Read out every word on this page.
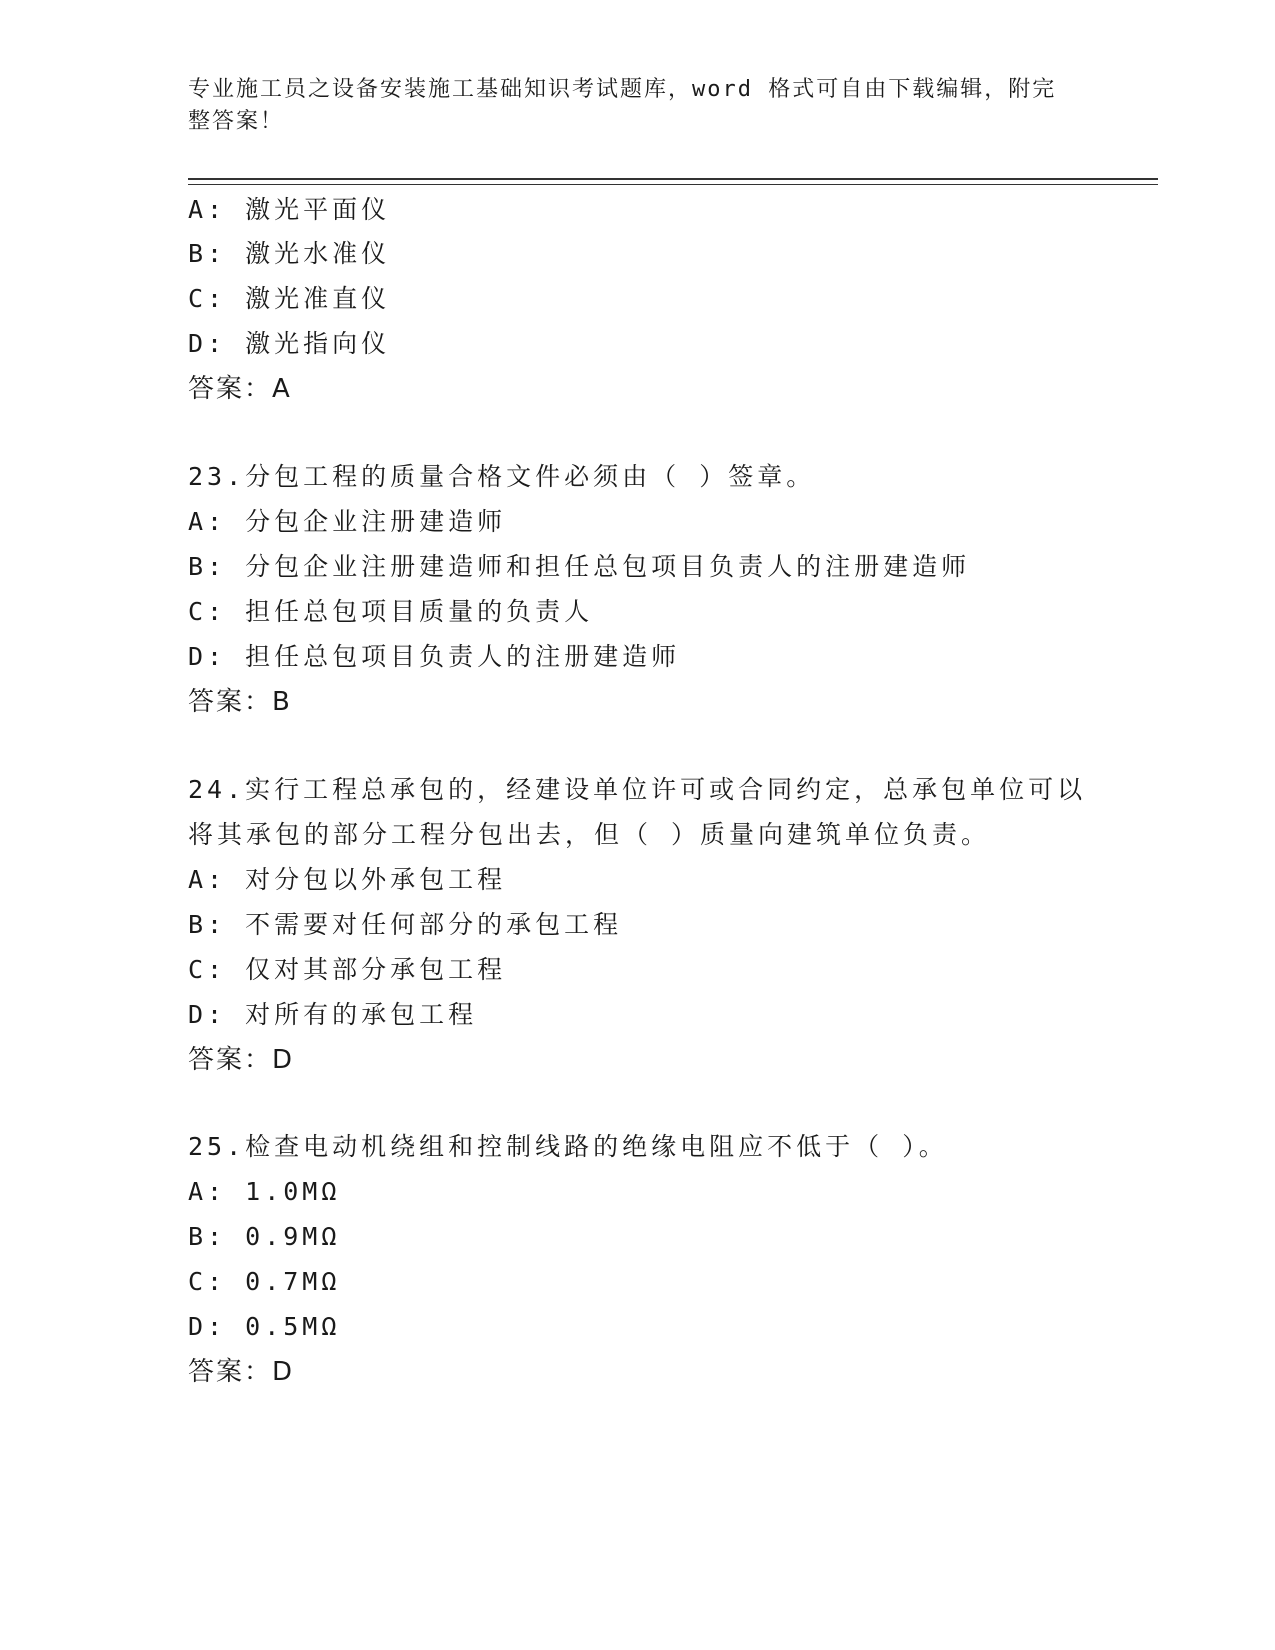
专业施工员之设备安装施工基础知识考试题库，word 格式可自由下载编辑，附完整答案！
A: 激光平面仪
B: 激光水准仪
C: 激光准直仪
D: 激光指向仪
答案：A
23.分包工程的质量合格文件必须由（ ）签章。
A: 分包企业注册建造师
B: 分包企业注册建造师和担任总包项目负责人的注册建造师
C: 担任总包项目质量的负责人
D: 担任总包项目负责人的注册建造师
答案：B
24.实行工程总承包的，经建设单位许可或合同约定，总承包单位可以
将其承包的部分工程分包出去，但（ ）质量向建筑单位负责。
A: 对分包以外承包工程
B: 不需要对任何部分的承包工程
C: 仅对其部分承包工程
D: 对所有的承包工程
答案：D
25.检查电动机绕组和控制线路的绝缘电阻应不低于（ ）。
A: 1.0MΩ
B: 0.9MΩ
C: 0.7MΩ
D: 0.5MΩ
答案：D
